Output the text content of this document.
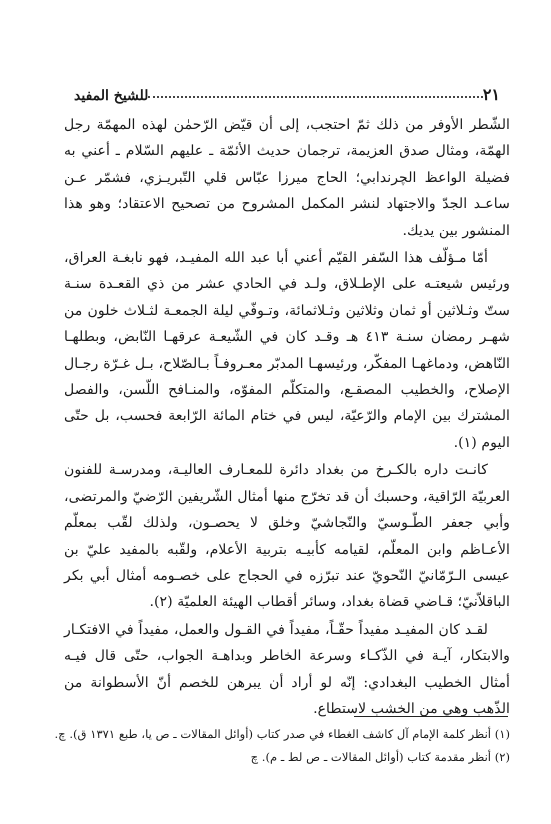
٢١
للشيخ المفيد

الشّطر الأوفر من ذلك ثمّ احتجب، إلى أن قيّض الرّحمٰن لهذه المهمّة رجل الهمّة، ومثال صدق العزيمة، ترجمان حديث الأئمّة ـ عليهم السّلام ـ أعني به فضيلة الواعظ الچرندابي؛ الحاج ميرزا عبّاس قلي التّبريـزي، فشمّر عـن ساعـد الجدّ والاجتهاد لنشر المكمل المشروح من تصحيح الاعتقاد؛ وهو هذا المنشور بين يديك.

أمّا مـؤلّف هذا السّفر القيّم أعني أبا عبد الله المفيـد، فهو نابغـة العراق، ورئيس شيعتـه على الإطـلاق، ولـد في الحادي عشر من ذي القعـدة سنـة ستّ وثـلاثين أو ثمان وثلاثين وثـلاثمائة، وتـوفّي ليلة الجمعـة لثـلاث خلون من شهـر رمضان سنـة ٤١٣ هـ وقـد كان في الشّيعـة عرقهـا النّابض، وبطلهـا النّاهض، ودماغهـا المفكّر، ورئيسهـا المدبّر معـروفـاً بـالصّلاح، بـل غـرّة رجـال الإصلاح، والخطيب المصقـع، والمتكلّم المفوّه، والمنـافح اللّسن، والفصل المشترك بين الإمام والرّعيّة، ليس في ختام المائة الرّابعة فحسب، بل حتّى اليوم (١).

كانـت داره بالكـرخ من بغداد دائرة للمعـارف العاليـة، ومدرسـة للفنون العربيّة الرّاقية، وحسبك أن قد تخرّج منها أمثال الشّريفين الرّضيّ والمرتضى، وأبي جعفر الطّـوسيّ والنّجاشيّ وخلق لا يحصـون، ولذلك لقّب بمعلّم الأعـاظم وابن المعلّم، لقيامه كأبيـه بتربية الأعلام، ولقّبه بالمفيد عليّ بن عيسى الـرّمّانيّ النّحويّ عند تبرّزه في الحجاج على خصـومه أمثال أبي بكر الباقلاّنيّ؛ قـاضي قضاة بغداد، وسائر أقطاب الهيئة العلميّة (٢).

لقـد كان المفيـد مفيداً حقّـاً، مفيداً في القـول والعمل، مفيداً في الافتكـار والابتكار، آيـة في الذّكـاء وسرعة الخاطر وبداهـة الجواب، حتّى قال فيـه أمثال الخطيب البغدادي: إنّه لو أراد أن يبرهن للخصم أنّ الأسطوانة من الذّهب وهي من الخشب لاستطاع.

(١) أنظر كلمة الإمام آل كاشف الغطاء في صدر كتاب (أوائل المقالات ـ ص يا، طبع ١٣٧١ ق). چ.
(٢) أنظر مقدمة كتاب (أوائل المقالات ـ ص لط ـ م). چ
